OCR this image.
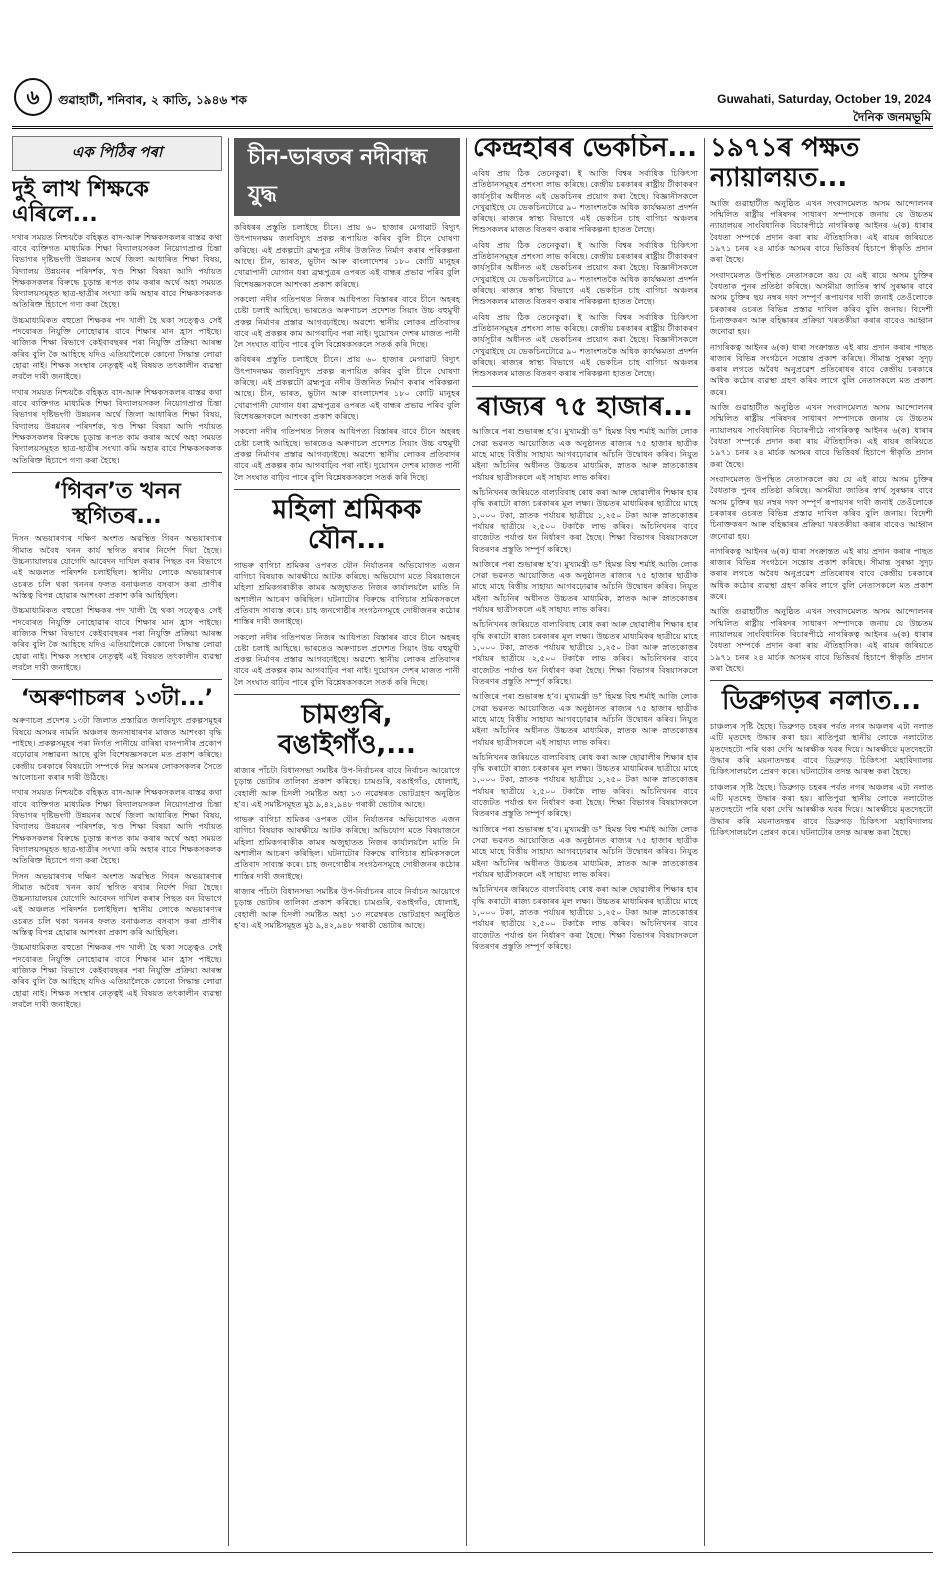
৬	গুৱাহাটী, শনিবাৰ, ২ কাতি, ১৯৪৬ শক	Guwahati, Saturday, October 19, 2024
দৈনিক জনমভূমি
এক পিঠিৰ পৰা
দুই লাখ শিক্ষকে এৰিলে...

দখাৰ সময়ত নিশ্চয়কৈ বহিষ্কৃত বাদ-আৰু শিক্ষকসকলৰ বাস্তৱ কথা বাবে ব্যক্তিগত মাধ্যমিক শিক্ষা বিদ্যালয়সকল নিয়োগপ্ৰাপ্ত চিন্তা বিভাগৰ দৃষ্টিভংগী উন্নয়নৰ অৰ্থে জিলা আধাৰিত শিক্ষা বিষয়, বিদ্যালয় উন্নয়নৰ পৰিদৰ্শক, খণ্ড শিক্ষা বিষয়া আদি পৰ্যায়ত শিক্ষকসকলৰ বিৰুদ্ধে চূড়ান্ত ৰূপত কাম কৰাৰ অৰ্থে অহা সময়ত বিদ্যালয়সমূহত ছাত্ৰ-ছাত্ৰীৰ সংখ্যা কমি অহাৰ বাবে শিক্ষকসকলক অতিৰিক্ত হিচাপে গণ্য কৰা হৈছে।

উচ্চমাধ্যমিকত বহুতো শিক্ষকৰ পদ খালী হৈ থকা সত্ত্বেও সেই পদবোৰত নিযুক্তি নোহোৱাৰ বাবে শিক্ষাৰ মান হ্ৰাস পাইছে। ৰাজ্যিক শিক্ষা বিভাগে কেইবাবছৰৰ পৰা নিযুক্তি প্ৰক্ৰিয়া আৰম্ভ কৰিব বুলি কৈ আহিছে যদিও এতিয়ালৈকে কোনো সিদ্ধান্ত লোৱা হোৱা নাই। শিক্ষক সংস্থাৰ নেতৃত্বই এই বিষয়ত তৎকালীন ব্যৱস্থা লবলৈ দাবী জনাইছে।

দখাৰ সময়ত নিশ্চয়কৈ বহিষ্কৃত বাদ-আৰু শিক্ষকসকলৰ বাস্তৱ কথা বাবে ব্যক্তিগত মাধ্যমিক শিক্ষা বিদ্যালয়সকল নিয়োগপ্ৰাপ্ত চিন্তা বিভাগৰ দৃষ্টিভংগী উন্নয়নৰ অৰ্থে জিলা আধাৰিত শিক্ষা বিষয়, বিদ্যালয় উন্নয়নৰ পৰিদৰ্শক, খণ্ড শিক্ষা বিষয়া আদি পৰ্যায়ত শিক্ষকসকলৰ বিৰুদ্ধে চূড়ান্ত ৰূপত কাম কৰাৰ অৰ্থে অহা সময়ত বিদ্যালয়সমূহত ছাত্ৰ-ছাত্ৰীৰ সংখ্যা কমি অহাৰ বাবে শিক্ষকসকলক অতিৰিক্ত হিচাপে গণ্য কৰা হৈছে।

‘গিবন’ত খনন স্থগিতৰ...

দিসন অভয়াৰণ্যৰ দক্ষিণ অংশত অৱস্থিত গিবন অভয়াৰণ্যৰ সীমাত অবৈধ খনন কাৰ্য স্থগিত ৰখাৰ নিৰ্দেশ দিয়া হৈছে। উচ্চন্যায়ালয়ৰ যোগেদি আবেদন দাখিল কৰাৰ পিছত বন বিভাগে এই অঞ্চলত পৰিদৰ্শন চলাইছিল। স্থানীয় লোকে অভয়াৰণ্যৰ ওচৰত চলি থকা খননৰ ফলত বনাঞ্চলত বসবাস কৰা প্ৰাণীৰ অস্তিত্ব বিপন্ন হোৱাৰ আশংকা প্ৰকাশ কৰি আহিছিল।

উচ্চমাধ্যমিকত বহুতো শিক্ষকৰ পদ খালী হৈ থকা সত্ত্বেও সেই পদবোৰত নিযুক্তি নোহোৱাৰ বাবে শিক্ষাৰ মান হ্ৰাস পাইছে। ৰাজ্যিক শিক্ষা বিভাগে কেইবাবছৰৰ পৰা নিযুক্তি প্ৰক্ৰিয়া আৰম্ভ কৰিব বুলি কৈ আহিছে যদিও এতিয়ালৈকে কোনো সিদ্ধান্ত লোৱা হোৱা নাই। শিক্ষক সংস্থাৰ নেতৃত্বই এই বিষয়ত তৎকালীন ব্যৱস্থা লবলৈ দাবী জনাইছে।

‘অৰুণাচলৰ ১৩টা...’

অৰুণাচল প্ৰদেশৰ ১৩টা জিলাত প্ৰস্তাৱিত জলবিদ্যুৎ প্ৰকল্পসমূহৰ বিষয়ে অসমৰ নামনি অঞ্চলৰ জনসাধাৰণৰ মাজত আশংকা বৃদ্ধি পাইছে। প্ৰকল্পসমূহৰ পৰা নিৰ্গত পানীয়ে বাৰিষা বানপানীৰ প্ৰকোপ বঢ়োৱাৰ সম্ভাৱনা আছে বুলি বিশেষজ্ঞসকলে মত প্ৰকাশ কৰিছে। কেন্দ্ৰীয় চৰকাৰে বিষয়টো সম্পৰ্কে নিম্ন অসমৰ লোকসকলৰ সৈতে আলোচনা কৰাৰ দাবী উঠিছে।

দখাৰ সময়ত নিশ্চয়কৈ বহিষ্কৃত বাদ-আৰু শিক্ষকসকলৰ বাস্তৱ কথা বাবে ব্যক্তিগত মাধ্যমিক শিক্ষা বিদ্যালয়সকল নিয়োগপ্ৰাপ্ত চিন্তা বিভাগৰ দৃষ্টিভংগী উন্নয়নৰ অৰ্থে জিলা আধাৰিত শিক্ষা বিষয়, বিদ্যালয় উন্নয়নৰ পৰিদৰ্শক, খণ্ড শিক্ষা বিষয়া আদি পৰ্যায়ত শিক্ষকসকলৰ বিৰুদ্ধে চূড়ান্ত ৰূপত কাম কৰাৰ অৰ্থে অহা সময়ত বিদ্যালয়সমূহত ছাত্ৰ-ছাত্ৰীৰ সংখ্যা কমি অহাৰ বাবে শিক্ষকসকলক অতিৰিক্ত হিচাপে গণ্য কৰা হৈছে।

দিসন অভয়াৰণ্যৰ দক্ষিণ অংশত অৱস্থিত গিবন অভয়াৰণ্যৰ সীমাত অবৈধ খনন কাৰ্য স্থগিত ৰখাৰ নিৰ্দেশ দিয়া হৈছে। উচ্চন্যায়ালয়ৰ যোগেদি আবেদন দাখিল কৰাৰ পিছত বন বিভাগে এই অঞ্চলত পৰিদৰ্শন চলাইছিল। স্থানীয় লোকে অভয়াৰণ্যৰ ওচৰত চলি থকা খননৰ ফলত বনাঞ্চলত বসবাস কৰা প্ৰাণীৰ অস্তিত্ব বিপন্ন হোৱাৰ আশংকা প্ৰকাশ কৰি আহিছিল।

উচ্চমাধ্যমিকত বহুতো শিক্ষকৰ পদ খালী হৈ থকা সত্ত্বেও সেই পদবোৰত নিযুক্তি নোহোৱাৰ বাবে শিক্ষাৰ মান হ্ৰাস পাইছে। ৰাজ্যিক শিক্ষা বিভাগে কেইবাবছৰৰ পৰা নিযুক্তি প্ৰক্ৰিয়া আৰম্ভ কৰিব বুলি কৈ আহিছে যদিও এতিয়ালৈকে কোনো সিদ্ধান্ত লোৱা হোৱা নাই। শিক্ষক সংস্থাৰ নেতৃত্বই এই বিষয়ত তৎকালীন ব্যৱস্থা লবলৈ দাবী জনাইছে।

চীন-ভাৰতৰ নদীবান্ধ যুদ্ধ

কবিধৰৰ প্ৰস্তুতি চলাইছে চীনে। প্ৰায় ৬০ হাজাৰ মেগাৱাট বিদ্যুৎ উৎপাদনক্ষম জলবিদ্যুৎ প্ৰকল্প ৰূপায়িত কৰিব বুলি চীনে ঘোষণা কৰিছে। এই প্ৰকল্পটো ব্ৰহ্মপুত্ৰ নদীৰ উজনিত নিৰ্মাণ কৰাৰ পৰিকল্পনা আছে। চীন, ভাৰত, ভুটান আৰু বাংলাদেশৰ ১৮০ কোটি মানুহৰ খোৱাপানী যোগান ধৰা ব্ৰহ্মপুত্ৰৰ ওপৰত এই বান্ধৰ প্ৰভাৱ পৰিব বুলি বিশেষজ্ঞসকলে আশংকা প্ৰকাশ কৰিছে।

সকলো নদীৰ গতিপথত নিজৰ আধিপত্য বিস্তাৰৰ বাবে চীনে অহৰহ চেষ্টা চলাই আহিছে। ভাৰতেও অৰুণাচল প্ৰদেশত সিয়াং উচ্চ বহুমুখী প্ৰকল্প নিৰ্মাণৰ প্ৰস্তাৱ আগবঢ়াইছে। অৱশ্যে স্থানীয় লোকৰ প্ৰতিবাদৰ বাবে এই প্ৰকল্পৰ কাম আগবাঢ়িব পৰা নাই। দুয়োখন দেশৰ মাজত পানী লৈ সংঘাত বাঢ়িব পাৰে বুলি বিশ্লেষকসকলে সতৰ্ক কৰি দিছে।

কবিধৰৰ প্ৰস্তুতি চলাইছে চীনে। প্ৰায় ৬০ হাজাৰ মেগাৱাট বিদ্যুৎ উৎপাদনক্ষম জলবিদ্যুৎ প্ৰকল্প ৰূপায়িত কৰিব বুলি চীনে ঘোষণা কৰিছে। এই প্ৰকল্পটো ব্ৰহ্মপুত্ৰ নদীৰ উজনিত নিৰ্মাণ কৰাৰ পৰিকল্পনা আছে। চীন, ভাৰত, ভুটান আৰু বাংলাদেশৰ ১৮০ কোটি মানুহৰ খোৱাপানী যোগান ধৰা ব্ৰহ্মপুত্ৰৰ ওপৰত এই বান্ধৰ প্ৰভাৱ পৰিব বুলি বিশেষজ্ঞসকলে আশংকা প্ৰকাশ কৰিছে।

সকলো নদীৰ গতিপথত নিজৰ আধিপত্য বিস্তাৰৰ বাবে চীনে অহৰহ চেষ্টা চলাই আহিছে। ভাৰতেও অৰুণাচল প্ৰদেশত সিয়াং উচ্চ বহুমুখী প্ৰকল্প নিৰ্মাণৰ প্ৰস্তাৱ আগবঢ়াইছে। অৱশ্যে স্থানীয় লোকৰ প্ৰতিবাদৰ বাবে এই প্ৰকল্পৰ কাম আগবাঢ়িব পৰা নাই। দুয়োখন দেশৰ মাজত পানী লৈ সংঘাত বাঢ়িব পাৰে বুলি বিশ্লেষকসকলে সতৰ্ক কৰি দিছে।

মহিলা শ্ৰমিকক যৌন...

গাভৰু বাগিচা শ্ৰমিকৰ ওপৰত যৌন নিৰ্যাতনৰ অভিযোগত এজন বাগিচা বিষয়াক আৰক্ষীয়ে আটক কৰিছে। অভিযোগ মতে বিষয়াজনে মহিলা শ্ৰমিকগৰাকীক কামৰ অজুহাতত নিজৰ কাৰ্যালয়লৈ মাতি নি অশালীন আচৰণ কৰিছিল। ঘটনাটোৰ বিৰুদ্ধে বাগিচাৰ শ্ৰমিকসকলে প্ৰতিবাদ সাব্যস্ত কৰে। চাহ জনগোষ্ঠীৰ সংগঠনসমূহে দোষীজনৰ কঠোৰ শাস্তিৰ দাবী জনাইছে।

সকলো নদীৰ গতিপথত নিজৰ আধিপত্য বিস্তাৰৰ বাবে চীনে অহৰহ চেষ্টা চলাই আহিছে। ভাৰতেও অৰুণাচল প্ৰদেশত সিয়াং উচ্চ বহুমুখী প্ৰকল্প নিৰ্মাণৰ প্ৰস্তাৱ আগবঢ়াইছে। অৱশ্যে স্থানীয় লোকৰ প্ৰতিবাদৰ বাবে এই প্ৰকল্পৰ কাম আগবাঢ়িব পৰা নাই। দুয়োখন দেশৰ মাজত পানী লৈ সংঘাত বাঢ়িব পাৰে বুলি বিশ্লেষকসকলে সতৰ্ক কৰি দিছে।

চামগুৰি, বঙাইগাঁও,...

ৰাজ্যৰ পাঁচটা বিধানসভা সমষ্টিৰ উপ-নিৰ্বাচনৰ বাবে নিৰ্বাচন আয়োগে চূড়ান্ত ভোটাৰ তালিকা প্ৰকাশ কৰিছে। চামগুৰি, বঙাইগাঁও, ধোলাই, বেহালী আৰু চিদলী সমষ্টিত অহা ১৩ নৱেম্বৰত ভোটগ্ৰহণ অনুষ্ঠিত হ’ব। এই সমষ্টিসমূহত মুঠ ৯,৪২,৯৪৮ গৰাকী ভোটাৰ আছে।

গাভৰু বাগিচা শ্ৰমিকৰ ওপৰত যৌন নিৰ্যাতনৰ অভিযোগত এজন বাগিচা বিষয়াক আৰক্ষীয়ে আটক কৰিছে। অভিযোগ মতে বিষয়াজনে মহিলা শ্ৰমিকগৰাকীক কামৰ অজুহাতত নিজৰ কাৰ্যালয়লৈ মাতি নি অশালীন আচৰণ কৰিছিল। ঘটনাটোৰ বিৰুদ্ধে বাগিচাৰ শ্ৰমিকসকলে প্ৰতিবাদ সাব্যস্ত কৰে। চাহ জনগোষ্ঠীৰ সংগঠনসমূহে দোষীজনৰ কঠোৰ শাস্তিৰ দাবী জনাইছে।

ৰাজ্যৰ পাঁচটা বিধানসভা সমষ্টিৰ উপ-নিৰ্বাচনৰ বাবে নিৰ্বাচন আয়োগে চূড়ান্ত ভোটাৰ তালিকা প্ৰকাশ কৰিছে। চামগুৰি, বঙাইগাঁও, ধোলাই, বেহালী আৰু চিদলী সমষ্টিত অহা ১৩ নৱেম্বৰত ভোটগ্ৰহণ অনুষ্ঠিত হ’ব। এই সমষ্টিসমূহত মুঠ ৯,৪২,৯৪৮ গৰাকী ভোটাৰ আছে।

কেন্দ্ৰহাৰৰ ভেকচিন...

এবিধ প্ৰায় ঠিক তেনেকুৱা। ই আজি বিশ্বৰ সৰ্বাধিক চিকিৎসা প্ৰতিষ্ঠানসমূহৰ প্ৰশংসা লাভ কৰিছে। কেন্দ্ৰীয় চৰকাৰৰ ৰাষ্ট্ৰীয় টীকাকৰণ কাৰ্যসূচীৰ অধীনত এই ভেকচিনৰ প্ৰয়োগ কৰা হৈছে। বিজ্ঞানীসকলে দেখুৱাইছে যে ভেকচিনটোৱে ৯০ শতাংশতকৈ অধিক কাৰ্যক্ষমতা প্ৰদৰ্শন কৰিছে। ৰাজ্যৰ স্বাস্থ্য বিভাগে এই ভেকচিন চাহ বাগিচা অঞ্চলৰ শিশুসকলৰ মাজত বিতৰণ কৰাৰ পৰিকল্পনা হাতত লৈছে।

এবিধ প্ৰায় ঠিক তেনেকুৱা। ই আজি বিশ্বৰ সৰ্বাধিক চিকিৎসা প্ৰতিষ্ঠানসমূহৰ প্ৰশংসা লাভ কৰিছে। কেন্দ্ৰীয় চৰকাৰৰ ৰাষ্ট্ৰীয় টীকাকৰণ কাৰ্যসূচীৰ অধীনত এই ভেকচিনৰ প্ৰয়োগ কৰা হৈছে। বিজ্ঞানীসকলে দেখুৱাইছে যে ভেকচিনটোৱে ৯০ শতাংশতকৈ অধিক কাৰ্যক্ষমতা প্ৰদৰ্শন কৰিছে। ৰাজ্যৰ স্বাস্থ্য বিভাগে এই ভেকচিন চাহ বাগিচা অঞ্চলৰ শিশুসকলৰ মাজত বিতৰণ কৰাৰ পৰিকল্পনা হাতত লৈছে।

এবিধ প্ৰায় ঠিক তেনেকুৱা। ই আজি বিশ্বৰ সৰ্বাধিক চিকিৎসা প্ৰতিষ্ঠানসমূহৰ প্ৰশংসা লাভ কৰিছে। কেন্দ্ৰীয় চৰকাৰৰ ৰাষ্ট্ৰীয় টীকাকৰণ কাৰ্যসূচীৰ অধীনত এই ভেকচিনৰ প্ৰয়োগ কৰা হৈছে। বিজ্ঞানীসকলে দেখুৱাইছে যে ভেকচিনটোৱে ৯০ শতাংশতকৈ অধিক কাৰ্যক্ষমতা প্ৰদৰ্শন কৰিছে। ৰাজ্যৰ স্বাস্থ্য বিভাগে এই ভেকচিন চাহ বাগিচা অঞ্চলৰ শিশুসকলৰ মাজত বিতৰণ কৰাৰ পৰিকল্পনা হাতত লৈছে।

ৰাজ্যৰ ৭৫ হাজাৰ...

আজিৰে পৰা শুভাৰম্ভ হ’ব। মুখ্যমন্ত্ৰী ড° হিমন্ত বিশ্ব শৰ্মাই আজি লোক সেৱা ভৱনত আয়োজিত এক অনুষ্ঠানত ৰাজ্যৰ ৭৫ হাজাৰ ছাত্ৰীক মাহে মাহে বিত্তীয় সাহায্য আগবঢ়োৱাৰ আঁচনি উদ্বোধন কৰিব। নিযুত মইনা আঁচনিৰ অধীনত উচ্চতৰ মাধ্যমিক, স্নাতক আৰু স্নাতকোত্তৰ পৰ্যায়ৰ ছাত্ৰীসকলে এই সাহায্য লাভ কৰিব।

আঁচনিখনৰ জৰিয়তে বাল্যবিবাহ ৰোধ কৰা আৰু ছোৱালীৰ শিক্ষাৰ হাৰ বৃদ্ধি কৰাটো ৰাজ্য চৰকাৰৰ মূল লক্ষ্য। উচ্চতৰ মাধ্যমিকৰ ছাত্ৰীয়ে মাহে ১,০০০ টকা, স্নাতক পৰ্যায়ৰ ছাত্ৰীয়ে ১,২৫০ টকা আৰু স্নাতকোত্তৰ পৰ্যায়ৰ ছাত্ৰীয়ে ২,৫০০ টকাকৈ লাভ কৰিব। আঁচনিখনৰ বাবে বাজেটত পৰ্যাপ্ত ধন নিৰ্ধাৰণ কৰা হৈছে। শিক্ষা বিভাগৰ বিষয়াসকলে বিতৰণৰ প্ৰস্তুতি সম্পূৰ্ণ কৰিছে।

আজিৰে পৰা শুভাৰম্ভ হ’ব। মুখ্যমন্ত্ৰী ড° হিমন্ত বিশ্ব শৰ্মাই আজি লোক সেৱা ভৱনত আয়োজিত এক অনুষ্ঠানত ৰাজ্যৰ ৭৫ হাজাৰ ছাত্ৰীক মাহে মাহে বিত্তীয় সাহায্য আগবঢ়োৱাৰ আঁচনি উদ্বোধন কৰিব। নিযুত মইনা আঁচনিৰ অধীনত উচ্চতৰ মাধ্যমিক, স্নাতক আৰু স্নাতকোত্তৰ পৰ্যায়ৰ ছাত্ৰীসকলে এই সাহায্য লাভ কৰিব।

আঁচনিখনৰ জৰিয়তে বাল্যবিবাহ ৰোধ কৰা আৰু ছোৱালীৰ শিক্ষাৰ হাৰ বৃদ্ধি কৰাটো ৰাজ্য চৰকাৰৰ মূল লক্ষ্য। উচ্চতৰ মাধ্যমিকৰ ছাত্ৰীয়ে মাহে ১,০০০ টকা, স্নাতক পৰ্যায়ৰ ছাত্ৰীয়ে ১,২৫০ টকা আৰু স্নাতকোত্তৰ পৰ্যায়ৰ ছাত্ৰীয়ে ২,৫০০ টকাকৈ লাভ কৰিব। আঁচনিখনৰ বাবে বাজেটত পৰ্যাপ্ত ধন নিৰ্ধাৰণ কৰা হৈছে। শিক্ষা বিভাগৰ বিষয়াসকলে বিতৰণৰ প্ৰস্তুতি সম্পূৰ্ণ কৰিছে।

আজিৰে পৰা শুভাৰম্ভ হ’ব। মুখ্যমন্ত্ৰী ড° হিমন্ত বিশ্ব শৰ্মাই আজি লোক সেৱা ভৱনত আয়োজিত এক অনুষ্ঠানত ৰাজ্যৰ ৭৫ হাজাৰ ছাত্ৰীক মাহে মাহে বিত্তীয় সাহায্য আগবঢ়োৱাৰ আঁচনি উদ্বোধন কৰিব। নিযুত মইনা আঁচনিৰ অধীনত উচ্চতৰ মাধ্যমিক, স্নাতক আৰু স্নাতকোত্তৰ পৰ্যায়ৰ ছাত্ৰীসকলে এই সাহায্য লাভ কৰিব।

আঁচনিখনৰ জৰিয়তে বাল্যবিবাহ ৰোধ কৰা আৰু ছোৱালীৰ শিক্ষাৰ হাৰ বৃদ্ধি কৰাটো ৰাজ্য চৰকাৰৰ মূল লক্ষ্য। উচ্চতৰ মাধ্যমিকৰ ছাত্ৰীয়ে মাহে ১,০০০ টকা, স্নাতক পৰ্যায়ৰ ছাত্ৰীয়ে ১,২৫০ টকা আৰু স্নাতকোত্তৰ পৰ্যায়ৰ ছাত্ৰীয়ে ২,৫০০ টকাকৈ লাভ কৰিব। আঁচনিখনৰ বাবে বাজেটত পৰ্যাপ্ত ধন নিৰ্ধাৰণ কৰা হৈছে। শিক্ষা বিভাগৰ বিষয়াসকলে বিতৰণৰ প্ৰস্তুতি সম্পূৰ্ণ কৰিছে।

আজিৰে পৰা শুভাৰম্ভ হ’ব। মুখ্যমন্ত্ৰী ড° হিমন্ত বিশ্ব শৰ্মাই আজি লোক সেৱা ভৱনত আয়োজিত এক অনুষ্ঠানত ৰাজ্যৰ ৭৫ হাজাৰ ছাত্ৰীক মাহে মাহে বিত্তীয় সাহায্য আগবঢ়োৱাৰ আঁচনি উদ্বোধন কৰিব। নিযুত মইনা আঁচনিৰ অধীনত উচ্চতৰ মাধ্যমিক, স্নাতক আৰু স্নাতকোত্তৰ পৰ্যায়ৰ ছাত্ৰীসকলে এই সাহায্য লাভ কৰিব।

আঁচনিখনৰ জৰিয়তে বাল্যবিবাহ ৰোধ কৰা আৰু ছোৱালীৰ শিক্ষাৰ হাৰ বৃদ্ধি কৰাটো ৰাজ্য চৰকাৰৰ মূল লক্ষ্য। উচ্চতৰ মাধ্যমিকৰ ছাত্ৰীয়ে মাহে ১,০০০ টকা, স্নাতক পৰ্যায়ৰ ছাত্ৰীয়ে ১,২৫০ টকা আৰু স্নাতকোত্তৰ পৰ্যায়ৰ ছাত্ৰীয়ে ২,৫০০ টকাকৈ লাভ কৰিব। আঁচনিখনৰ বাবে বাজেটত পৰ্যাপ্ত ধন নিৰ্ধাৰণ কৰা হৈছে। শিক্ষা বিভাগৰ বিষয়াসকলে বিতৰণৰ প্ৰস্তুতি সম্পূৰ্ণ কৰিছে।

১৯৭১ৰ পক্ষত ন্যায়ালয়ত...

আজি গুৱাহাটীত অনুষ্ঠিত এখন সংবাদমেলত অসম আন্দোলনৰ সন্মিলিত ৰাষ্ট্ৰীয় পৰিষদৰ সাধাৰণ সম্পাদকে জনায় যে উচ্চতম ন্যায়ালয়ৰ সাংবিধানিক বিচাৰপীঠে নাগৰিকত্ব আইনৰ ৬(ক) ধাৰাৰ বৈধতা সম্পৰ্কে প্ৰদান কৰা ৰায় ঐতিহাসিক। এই ৰায়ৰ জৰিয়তে ১৯৭১ চনৰ ২৪ মাৰ্চক অসমৰ বাবে ভিত্তিবৰ্ষ হিচাপে স্বীকৃতি প্ৰদান কৰা হৈছে।

সংবাদমেলত উপস্থিত নেতাসকলে কয় যে এই ৰায়ে অসম চুক্তিৰ বৈধতাক পুনৰ প্ৰতিষ্ঠা কৰিছে। অসমীয়া জাতিৰ স্বাৰ্থ সুৰক্ষাৰ বাবে অসম চুক্তিৰ ছয় নম্বৰ দফা সম্পূৰ্ণ ৰূপায়ণৰ দাবী জনাই তেওঁলোকে চৰকাৰৰ ওচৰত বিভিন্ন প্ৰস্তাৱ দাখিল কৰিব বুলি জনায়। বিদেশী চিনাক্তকৰণ আৰু বহিষ্কাৰৰ প্ৰক্ৰিয়া খৰতকীয়া কৰাৰ বাবেও আহ্বান জনোৱা হয়।

নাগৰিকত্ব আইনৰ ৬(ক) ধাৰা সংক্ৰান্তত এই ৰায় প্ৰদান কৰাৰ পাছত ৰাজ্যৰ বিভিন্ন সংগঠনে সন্তোষ প্ৰকাশ কৰিছে। সীমান্ত সুৰক্ষা সুদৃঢ় কৰাৰ লগতে অবৈধ অনুপ্ৰৱেশ প্ৰতিৰোধৰ বাবে কেন্দ্ৰীয় চৰকাৰে অধিক কঠোৰ ব্যৱস্থা গ্ৰহণ কৰিব লাগে বুলি নেতাসকলে মত প্ৰকাশ কৰে।

আজি গুৱাহাটীত অনুষ্ঠিত এখন সংবাদমেলত অসম আন্দোলনৰ সন্মিলিত ৰাষ্ট্ৰীয় পৰিষদৰ সাধাৰণ সম্পাদকে জনায় যে উচ্চতম ন্যায়ালয়ৰ সাংবিধানিক বিচাৰপীঠে নাগৰিকত্ব আইনৰ ৬(ক) ধাৰাৰ বৈধতা সম্পৰ্কে প্ৰদান কৰা ৰায় ঐতিহাসিক। এই ৰায়ৰ জৰিয়তে ১৯৭১ চনৰ ২৪ মাৰ্চক অসমৰ বাবে ভিত্তিবৰ্ষ হিচাপে স্বীকৃতি প্ৰদান কৰা হৈছে।

সংবাদমেলত উপস্থিত নেতাসকলে কয় যে এই ৰায়ে অসম চুক্তিৰ বৈধতাক পুনৰ প্ৰতিষ্ঠা কৰিছে। অসমীয়া জাতিৰ স্বাৰ্থ সুৰক্ষাৰ বাবে অসম চুক্তিৰ ছয় নম্বৰ দফা সম্পূৰ্ণ ৰূপায়ণৰ দাবী জনাই তেওঁলোকে চৰকাৰৰ ওচৰত বিভিন্ন প্ৰস্তাৱ দাখিল কৰিব বুলি জনায়। বিদেশী চিনাক্তকৰণ আৰু বহিষ্কাৰৰ প্ৰক্ৰিয়া খৰতকীয়া কৰাৰ বাবেও আহ্বান জনোৱা হয়।

নাগৰিকত্ব আইনৰ ৬(ক) ধাৰা সংক্ৰান্তত এই ৰায় প্ৰদান কৰাৰ পাছত ৰাজ্যৰ বিভিন্ন সংগঠনে সন্তোষ প্ৰকাশ কৰিছে। সীমান্ত সুৰক্ষা সুদৃঢ় কৰাৰ লগতে অবৈধ অনুপ্ৰৱেশ প্ৰতিৰোধৰ বাবে কেন্দ্ৰীয় চৰকাৰে অধিক কঠোৰ ব্যৱস্থা গ্ৰহণ কৰিব লাগে বুলি নেতাসকলে মত প্ৰকাশ কৰে।

আজি গুৱাহাটীত অনুষ্ঠিত এখন সংবাদমেলত অসম আন্দোলনৰ সন্মিলিত ৰাষ্ট্ৰীয় পৰিষদৰ সাধাৰণ সম্পাদকে জনায় যে উচ্চতম ন্যায়ালয়ৰ সাংবিধানিক বিচাৰপীঠে নাগৰিকত্ব আইনৰ ৬(ক) ধাৰাৰ বৈধতা সম্পৰ্কে প্ৰদান কৰা ৰায় ঐতিহাসিক। এই ৰায়ৰ জৰিয়তে ১৯৭১ চনৰ ২৪ মাৰ্চক অসমৰ বাবে ভিত্তিবৰ্ষ হিচাপে স্বীকৃতি প্ৰদান কৰা হৈছে।

ডিব্ৰুগড়ৰ নলাত...

চাঞ্চল্যৰ সৃষ্টি হৈছে। ডিব্ৰুগড় চহৰৰ পৰ্বত নগৰ অঞ্চলৰ এটা নলাত এটি মৃতদেহ উদ্ধাৰ কৰা হয়। ৰাতিপুৱা স্থানীয় লোকে নলাটোত মৃতদেহটো পৰি থকা দেখি আৰক্ষীক খবৰ দিয়ে। আৰক্ষীয়ে মৃতদেহটো উদ্ধাৰ কৰি ময়নাতদন্তৰ বাবে ডিব্ৰুগড় চিকিৎসা মহাবিদ্যালয় চিকিৎসালয়লৈ প্ৰেৰণ কৰে। ঘটনাটোৰ তদন্ত আৰম্ভ কৰা হৈছে।

চাঞ্চল্যৰ সৃষ্টি হৈছে। ডিব্ৰুগড় চহৰৰ পৰ্বত নগৰ অঞ্চলৰ এটা নলাত এটি মৃতদেহ উদ্ধাৰ কৰা হয়। ৰাতিপুৱা স্থানীয় লোকে নলাটোত মৃতদেহটো পৰি থকা দেখি আৰক্ষীক খবৰ দিয়ে। আৰক্ষীয়ে মৃতদেহটো উদ্ধাৰ কৰি ময়নাতদন্তৰ বাবে ডিব্ৰুগড় চিকিৎসা মহাবিদ্যালয় চিকিৎসালয়লৈ প্ৰেৰণ কৰে। ঘটনাটোৰ তদন্ত আৰম্ভ কৰা হৈছে।
